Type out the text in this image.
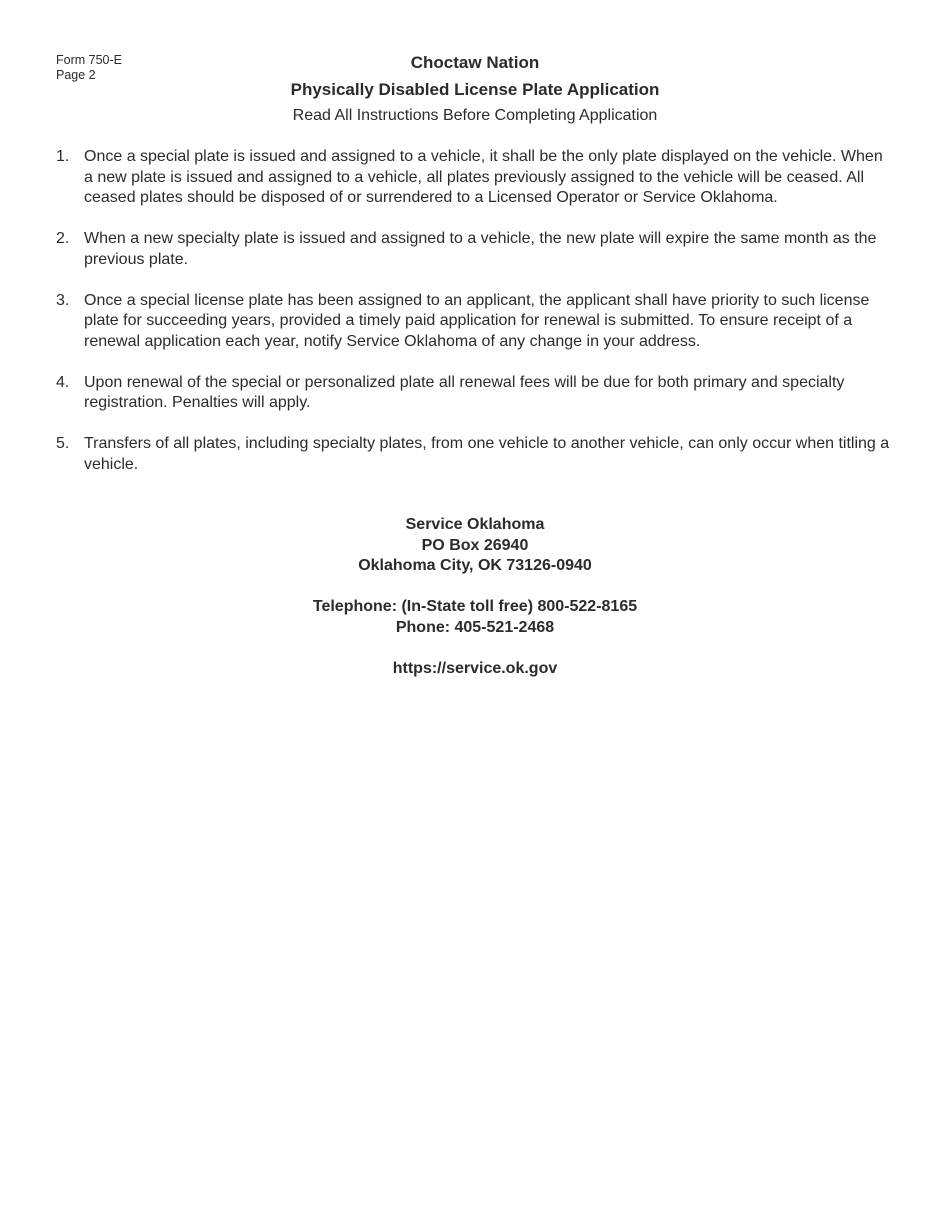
Form 750-E
Page 2

Choctaw Nation

Physically Disabled License Plate Application

Read All Instructions Before Completing Application

1. Once a special plate is issued and assigned to a vehicle, it shall be the only plate displayed on the vehicle. When a new plate is issued and assigned to a vehicle, all plates previously assigned to the vehicle will be ceased. All ceased plates should be disposed of or surrendered to a Licensed Operator or Service Oklahoma.
2. When a new specialty plate is issued and assigned to a vehicle, the new plate will expire the same month as the previous plate.
3. Once a special license plate has been assigned to an applicant, the applicant shall have priority to such license plate for succeeding years, provided a timely paid application for renewal is submitted. To ensure receipt of a renewal application each year, notify Service Oklahoma of any change in your address.
4. Upon renewal of the special or personalized plate all renewal fees will be due for both primary and specialty registration. Penalties will apply.
5. Transfers of all plates, including specialty plates, from one vehicle to another vehicle, can only occur when titling a vehicle.
Service Oklahoma
PO Box 26940
Oklahoma City, OK 73126-0940
Telephone: (In-State toll free) 800-522-8165
Phone: 405-521-2468
https://service.ok.gov
